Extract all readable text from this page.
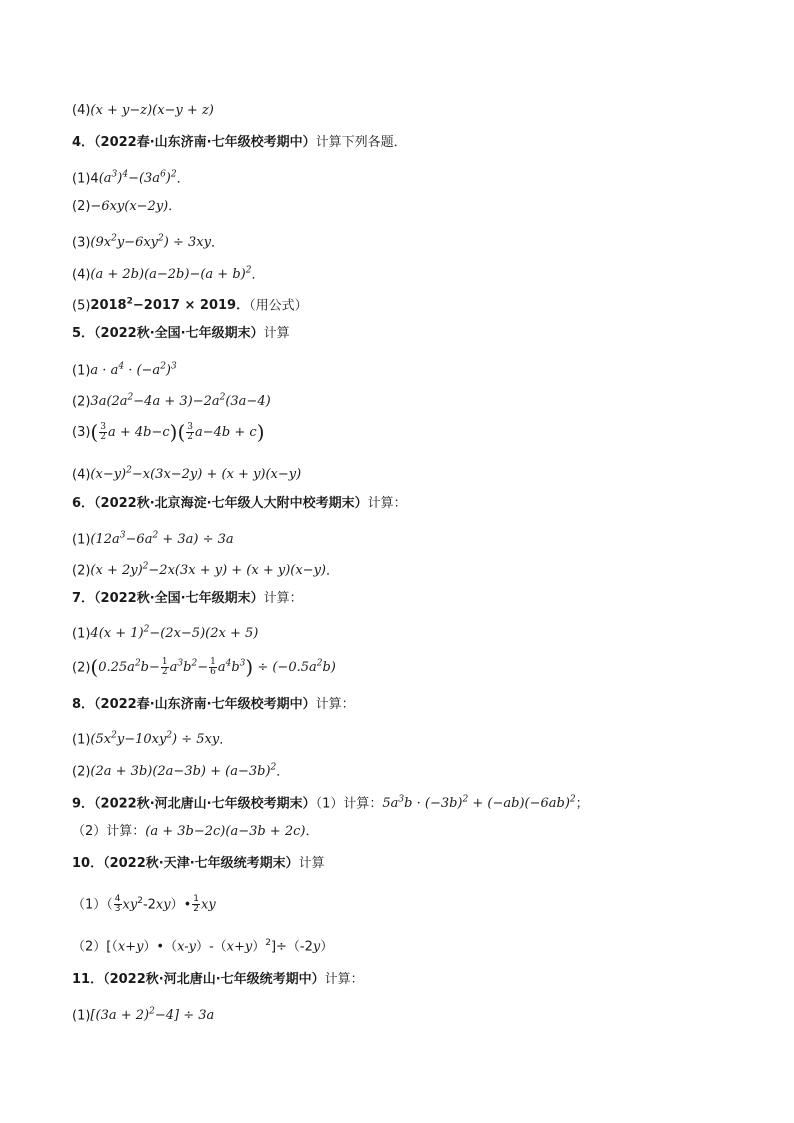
(4)(x + y−z)(x−y + z)
4．（2022春·山东济南·七年级校考期中）计算下列各题．
$(1)4(a^3)^4-(3a^6)^2$．
(2)−6xy(x−2y)．
$(3)(9x^2y-6xy^2) \div 3xy$．
$(4)(a + 2b)(a-2b)-(a + b)^2$．
$(5)2018^2-2017 \times 2019$．（用公式）
5．（2022秋·全国·七年级期末）计算
$(1)a \cdot a^4 \cdot (-a^2)^3$
$(2)3a(2a^2-4a + 3)-2a^2(3a-4)$
$(3)( \frac{3}{2}$ $a + 4b-c)( \frac{3}{2} a-4b + c)$
$(4)(x-y)^2-x(3x-2y) + (x + y)(x-y)$
6．（2022秋·北京海淀·七年级人大附中校考期末）计算：
$(1)(12a^3-6a^2 + 3a) \div 3a$
$(2)(x + 2y)^2-2x(3x + y) + (x + y)(x-y)$．
7．（2022秋·全国·七年级期末）计算：
$(1)4(x + 1)^2-(2x-5)(2x + 5)$
$(2)(0.25a^2b- \frac{1}{2} a^3b^2- \frac{1}{6} a^4b^3) \div (-0.5a^2b)$
8．（2022春·山东济南·七年级校考期中）计算：
$(1)(5x^2y-10xy^2) \div 5xy$．
$(2)(2a + 3b)(2a-3b) + (a-3b)^2$．
9．（2022秋·河北唐山·七年级校考期末）（1）计算：$5a^3b \cdot (-3b)^2 + (-ab)(-6ab)^2$；
（2）计算：(a + 3b−2c)(a−3b + 2c)．
10．（2022秋·天津·七年级统考期末）计算
$(1)( \frac{4}{3}$ $xy^2-2xy)• \frac{1}{2}$ xy
$(2)[(x+y)•(x-y)-(x+y)^2]\div(-2y)$
11．（2022秋·河北唐山·七年级统考期中）计算：
$(1)[(3a + 2)^2-4] \div 3a$
